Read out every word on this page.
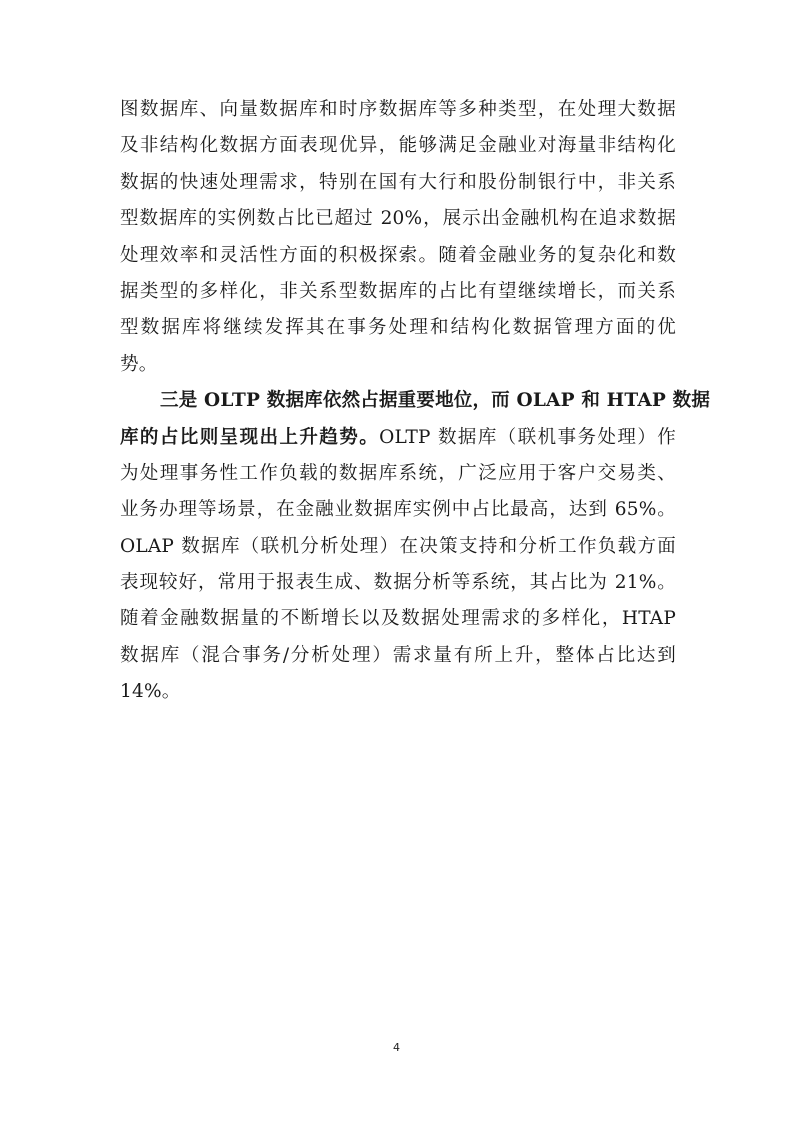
图数据库、向量数据库和时序数据库等多种类型，在处理大数据
及非结构化数据方面表现优异，能够满足金融业对海量非结构化
数据的快速处理需求，特别在国有大行和股份制银行中，非关系
型数据库的实例数占比已超过 20%，展示出金融机构在追求数据
处理效率和灵活性方面的积极探索。随着金融业务的复杂化和数
据类型的多样化，非关系型数据库的占比有望继续增长，而关系
型数据库将继续发挥其在事务处理和结构化数据管理方面的优
势。
三是 OLTP 数据库依然占据重要地位，而 OLAP 和 HTAP 数据
库的占比则呈现出上升趋势。OLTP 数据库（联机事务处理）作
为处理事务性工作负载的数据库系统，广泛应用于客户交易类、
业务办理等场景，在金融业数据库实例中占比最高，达到 65%。
OLAP 数据库（联机分析处理）在决策支持和分析工作负载方面
表现较好，常用于报表生成、数据分析等系统，其占比为 21%。
随着金融数据量的不断增长以及数据处理需求的多样化，HTAP
数据库（混合事务/分析处理）需求量有所上升，整体占比达到
14%。
4
